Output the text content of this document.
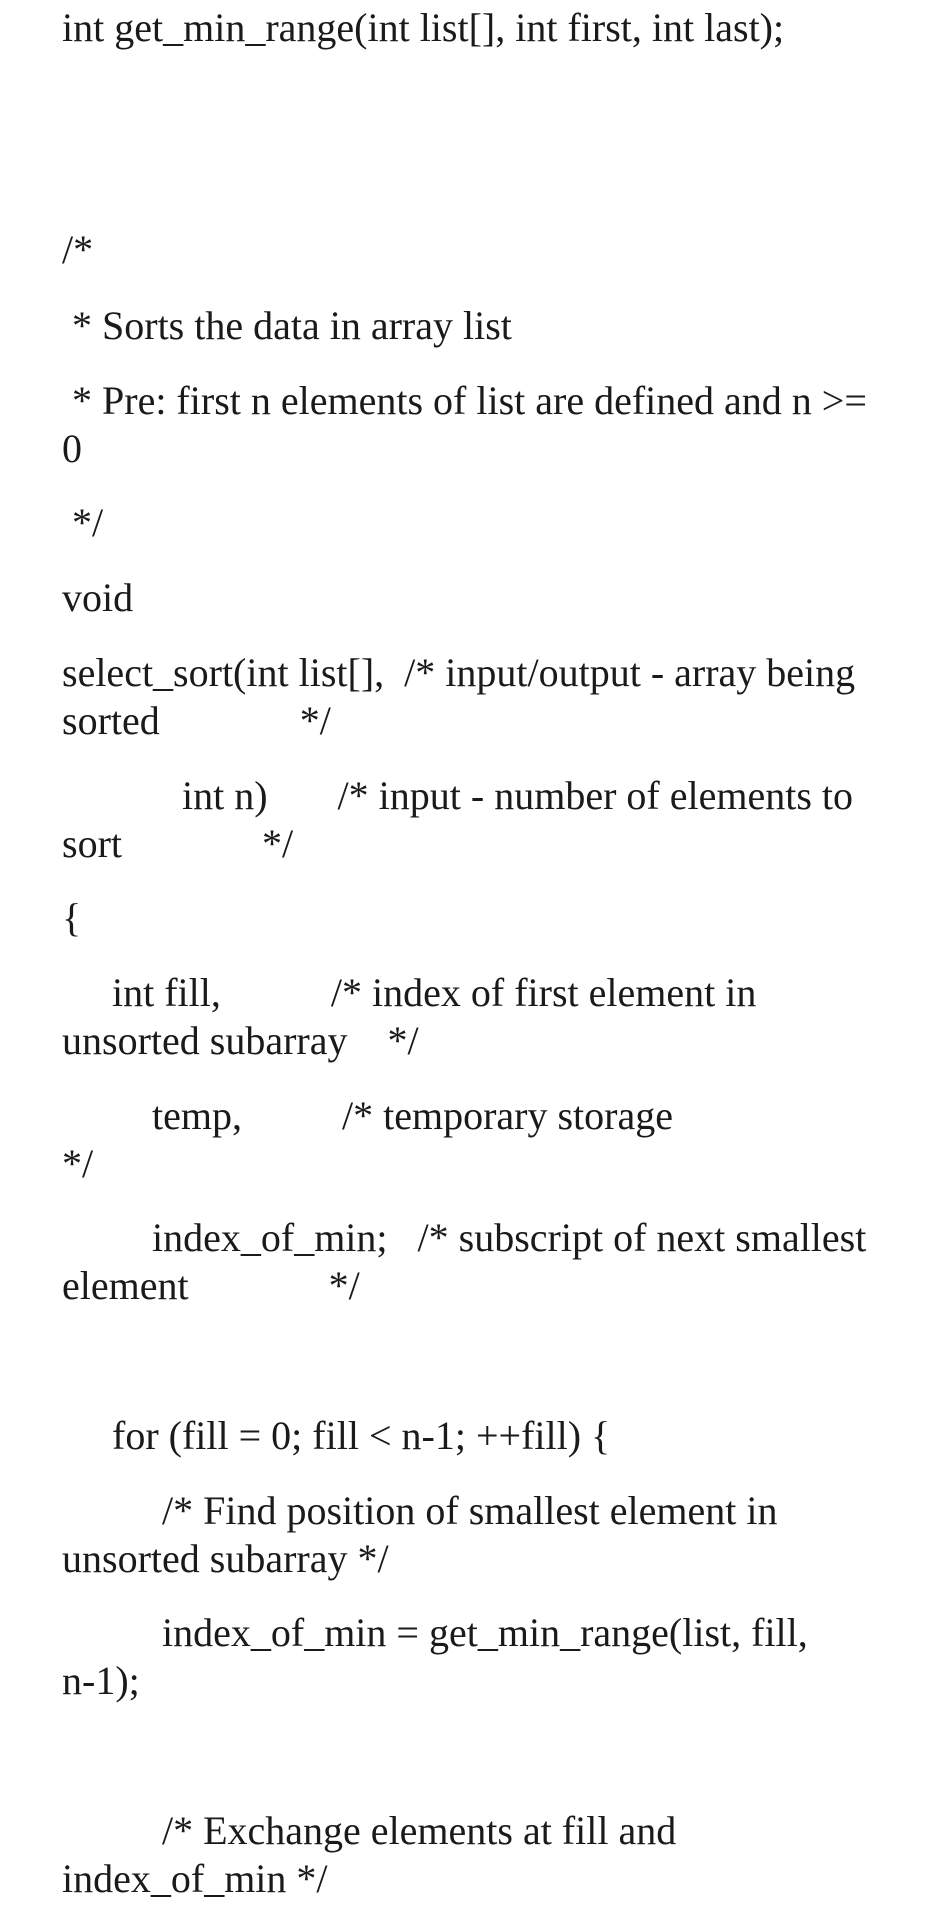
int get_min_range(int list[], int first, int last);
/*
* Sorts the data in array list
* Pre: first n elements of list are defined and n >=
0
*/
void
select_sort(int list[],  /* input/output - array being
sorted              */
int n)       /* input - number of elements to
sort              */
{
int fill,           /* index of first element in
unsorted subarray    */
temp,          /* temporary storage
*/
index_of_min;   /* subscript of next smallest
element              */
for (fill = 0; fill < n-1; ++fill) {
/* Find position of smallest element in
unsorted subarray */
index_of_min = get_min_range(list, fill,
n-1);
/* Exchange elements at fill and
index_of_min */
